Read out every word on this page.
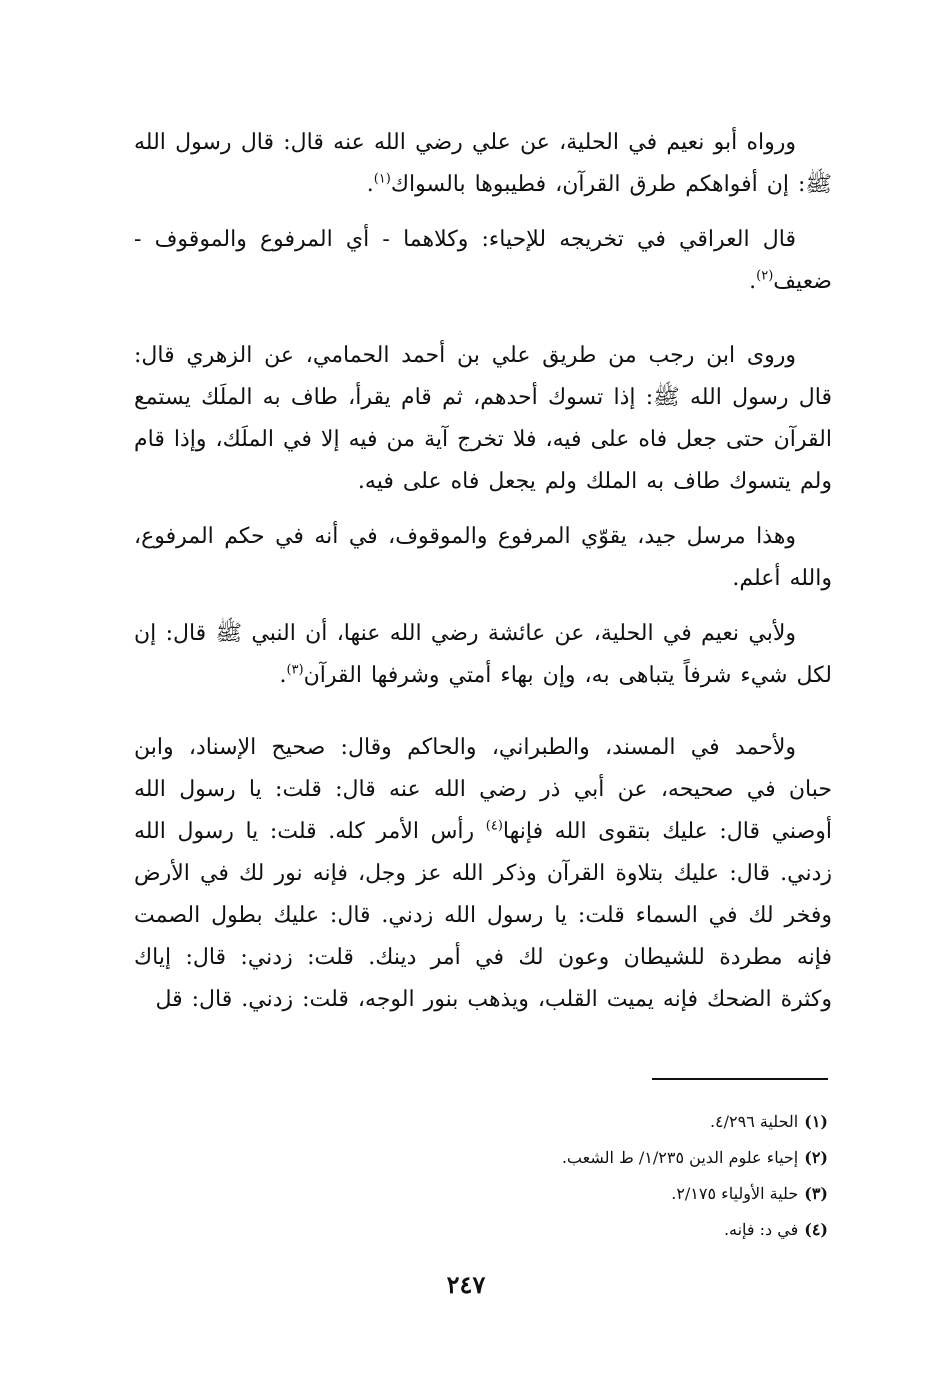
ورواه أبو نعيم في الحلية، عن علي رضي الله عنه قال: قال رسول الله ﷺ: إن أفواهكم طرق القرآن، فطيبوها بالسواك$^{(١)}$.

قال العراقي في تخريجه للإحياء: وكلاهما - أي المرفوع والموقوف - ضعيف$^{(٢)}$.

وروى ابن رجب من طريق علي بن أحمد الحمامي، عن الزهري قال: قال رسول الله ﷺ: إذا تسوك أحدهم، ثم قام يقرأ، طاف به الملَك يستمع القرآن حتى جعل فاه على فيه، فلا تخرج آية من فيه إلا في الملَك، وإذا قام ولم يتسوك طاف به الملك ولم يجعل فاه على فيه.

وهذا مرسل جيد، يقوّي المرفوع والموقوف، في أنه في حكم المرفوع، والله أعلم.

ولأبي نعيم في الحلية، عن عائشة رضي الله عنها، أن النبي ﷺ قال: إن لكل شيء شرفاً يتباهى به، وإن بهاء أمتي وشرفها القرآن$^{(٣)}$.

ولأحمد في المسند، والطبراني، والحاكم وقال: صحيح الإسناد، وابن حبان في صحيحه، عن أبي ذر رضي الله عنه قال: قلت: يا رسول الله أوصني قال: عليك بتقوى الله فإنها$^{(٤)}$ رأس الأمر كله. قلت: يا رسول الله زدني. قال: عليك بتلاوة القرآن وذكر الله عز وجل، فإنه نور لك في الأرض وفخر لك في السماء قلت: يا رسول الله زدني. قال: عليك بطول الصمت فإنه مطردة للشيطان وعون لك في أمر دينك. قلت: زدني: قال: إياك وكثرة الضحك فإنه يميت القلب، ويذهب بنور الوجه، قلت: زدني. قال: قل

(١)الحلية ٤/٢٩٦.

(٢)إحياء علوم الدين ١/٢٣٥/ ط الشعب.

(٣)حلية الأولياء ٢/١٧٥.

(٤)في د: فإنه.

٢٤٧
